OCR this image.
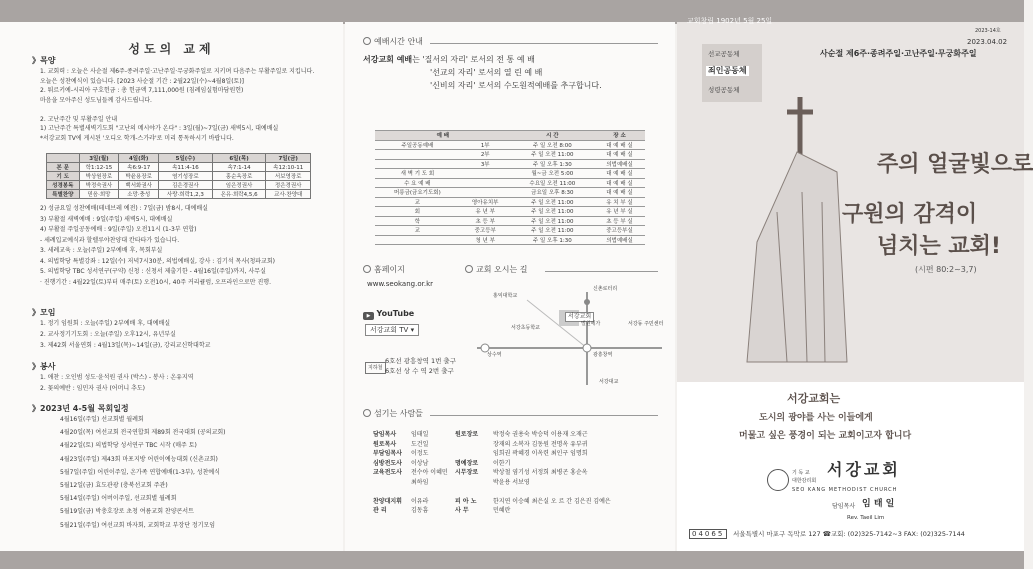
성도의 교제
》목양
1. 교회력 : 오늘은 사순절 제6주-종려주일·고난주일·무궁화주일로 지키며 다음주는 부활주일로 지킵니다.
오늘은 성찬예식이 있습니다. [2023 사순절 기간 : 2월22일(수)~4월8일(토)]
2. 튀르키예-시리아 구호헌금 : 총 헌금액 7,111,000원 (침례임실험마담원헌)
마음을 모아주신 성도님들께 감사드립니다.
2. 고난주간 및 부활주일 안내
1) 고난주간 특별새벽기도회 "고난의 메시야가 온다" : 3일(월)~7일(금) 새벽5시, 대예배실
*서강교회 TV에 게시된 '오디오 학개-스가랴'로 미리 통독하시기 바랍니다.
	3일(월)	4일(화)	5일(수)	6일(목)	7일(금)
본 문	학1:12-15	속6:9-17	속11:4-16	속7:1-14	속12:10-11
기 도	박상원장로	박윤용장로	염기성장로	홍순옥장로	서보영장로
성경봉독	박정숙권사	백서화권사	김은경권사	임은정권사	정은경권사
특별찬양	믿음·희망	소망·충성	사랑·희락1,2,3	온유·희락4,5,6	교사·찬양대
2) 성금요일 성찬예배(테네브레 예전) : 7일(금) 밤8시, 대예배실
3) 부활절 새벽예배 : 9일(주일) 새벽5시, 대예배실
4) 부활절 주일공동예배 : 9일(주일) 오전11시 (1-3부 연합)
- 세례입교예식과 할렐루야찬양대 칸타타가 있습니다.
3. 세례교육 : 오늘(주일) 2부예배 후, 목회부실
4. 의법학당 특별강좌 : 12일(수) 저녁7시30분, 의법예배실, 강사 : 김기석 목사(청파교회)
5. 의법학당 TBC 성서연구(구약) 신청 : 신청서 제출기한 - 4월16일(주일)까지, 사무실
· 진행기간 : 4월22일(토)부터 매주(토) 오전10시, 40주 커리큘럼, 오프라인으로만 진행.
》모임
1. 정기 임원회 : 오늘(주일) 2부예배 후, 대예배실
2. 교사정기기도회 : 오늘(주일) 오후12시, 유년부실
3. 제42회 서울연회 : 4월13일(목)~14일(금), 강리교신학대학교
》봉사
1. 애찬 : 오인범 성도·윤석원 권사 (박스) - 봉사 : 온유지역
2. 꽃의예반 : 임민자 권사 (어머니 추도)
》2023년 4-5월 목회일정
4월16일(주일) 선교회별 월례회
4월20일(목) 여선교회 전국연합회 제89회 전국대회 (공의교회)
4월22일(토) 의법학당 성서연구 TBC 시작 (매주 토)
4월23일(주일) 제43회 마포지방 어린이예능대회 (신촌교회)
5월7일(주일) 어린이주일, 온가족 연합예배(1-3부), 성찬예식
5월12일(금) 효도관광 (충북선교회 주관)
5월14일(주일) 어버이주일, 선교회별 월례회
5월19일(금) 박충호장로 초청 여름교회 찬양콘서트
5월21일(주일) 여선교회 바자회, 교회학교 부장단 정기모임
예배시간 안내
서강교회 예배는 '질서의 자리' 로서의 전 통 예 배
'선교의 자리' 로서의 열 린 예 배
'신비의 자리' 로서의 수도원적예배를 추구합니다.
예 배		시 간	장 소
주일공동예배	1부	주 일 오전 8:00	대 예 배 실
	2부	주 일 오전 11:00	대 예 배 실
	3부	주 일 오후 1:30	의법예배실
새 벽 기 도 회		월~금 오전 5:00	대 예 배 실
수 요 예 배		수요일 오전 11:00	대 예 배 실
머릉금(금요기도회)		금요일 오후 8:30	대 예 배 실
교	영아유치부	주 일 오전 11:00	유 치 부 실
회	유 년 부	주 일 오전 11:00	유 년 부 실
학	초 등 부	주 일 오전 11:00	초 등 부 실
교	중고등부	주 일 오전 11:00	중고등부실
	청 년 부	주 일 오후 1:30	의법예배실
홈페이지
www.seokang.or.kr
▶ YouTube
서강교회 TV ▾
교회 오시는 길
서강교회
신촌로터리
홍익대학교
서강초등학교
벌원에가	서강동 주민센터
상수역	광흥창역
서강대교
지하철
6호선 광흥창역 1번 출구
6호선 상 수 역 2번 출구
섬기는 사람들
담임목사 임태일
원로목사 도건일
부담임목사 이정도
심방전도사 이상남
교육전도사 전수아 이혜민
최하임
찬양대지휘 이유라
관 리	김동흠
원로장로 박정숙 권용숙 박승덕 이용재 오재근
장재의 소복자 김동원 전명옥 유부귀
임희권 곽혜경 이옥련 최인구 임명희
명예장로 이한기
시무장로 박상철 염기성 서정희 최병곤 홍순옥
박윤용 서보영
피 아 노	한지연 이승혜 최은실 오 르 간 김은진 김예은
사 무	민혜란
교회창립 1902년 5월 25일
2023-14호
2023.04.02
사순절 제6주·종려주일·고난주일·무궁화주일
선교공동체
죄인공동체
성령공동체
주의 얼굴빛으로
구원의 감격이
넘치는 교회!
(시편 80:2~3,7)
서강교회는
도시의 광야를 사는 이들에게
머물고 싶은 풍경이 되는 교회이고자 합니다
기 독 교
대한감리회
서강교회
SEO KANG METHODIST CHURCH
담임목사 임 태 일
Rev. Taeil Lim
04065	서울특별시 마포구 독막로 127 ☎교회: (02)325-7142~3 FAX: (02)325-7144
